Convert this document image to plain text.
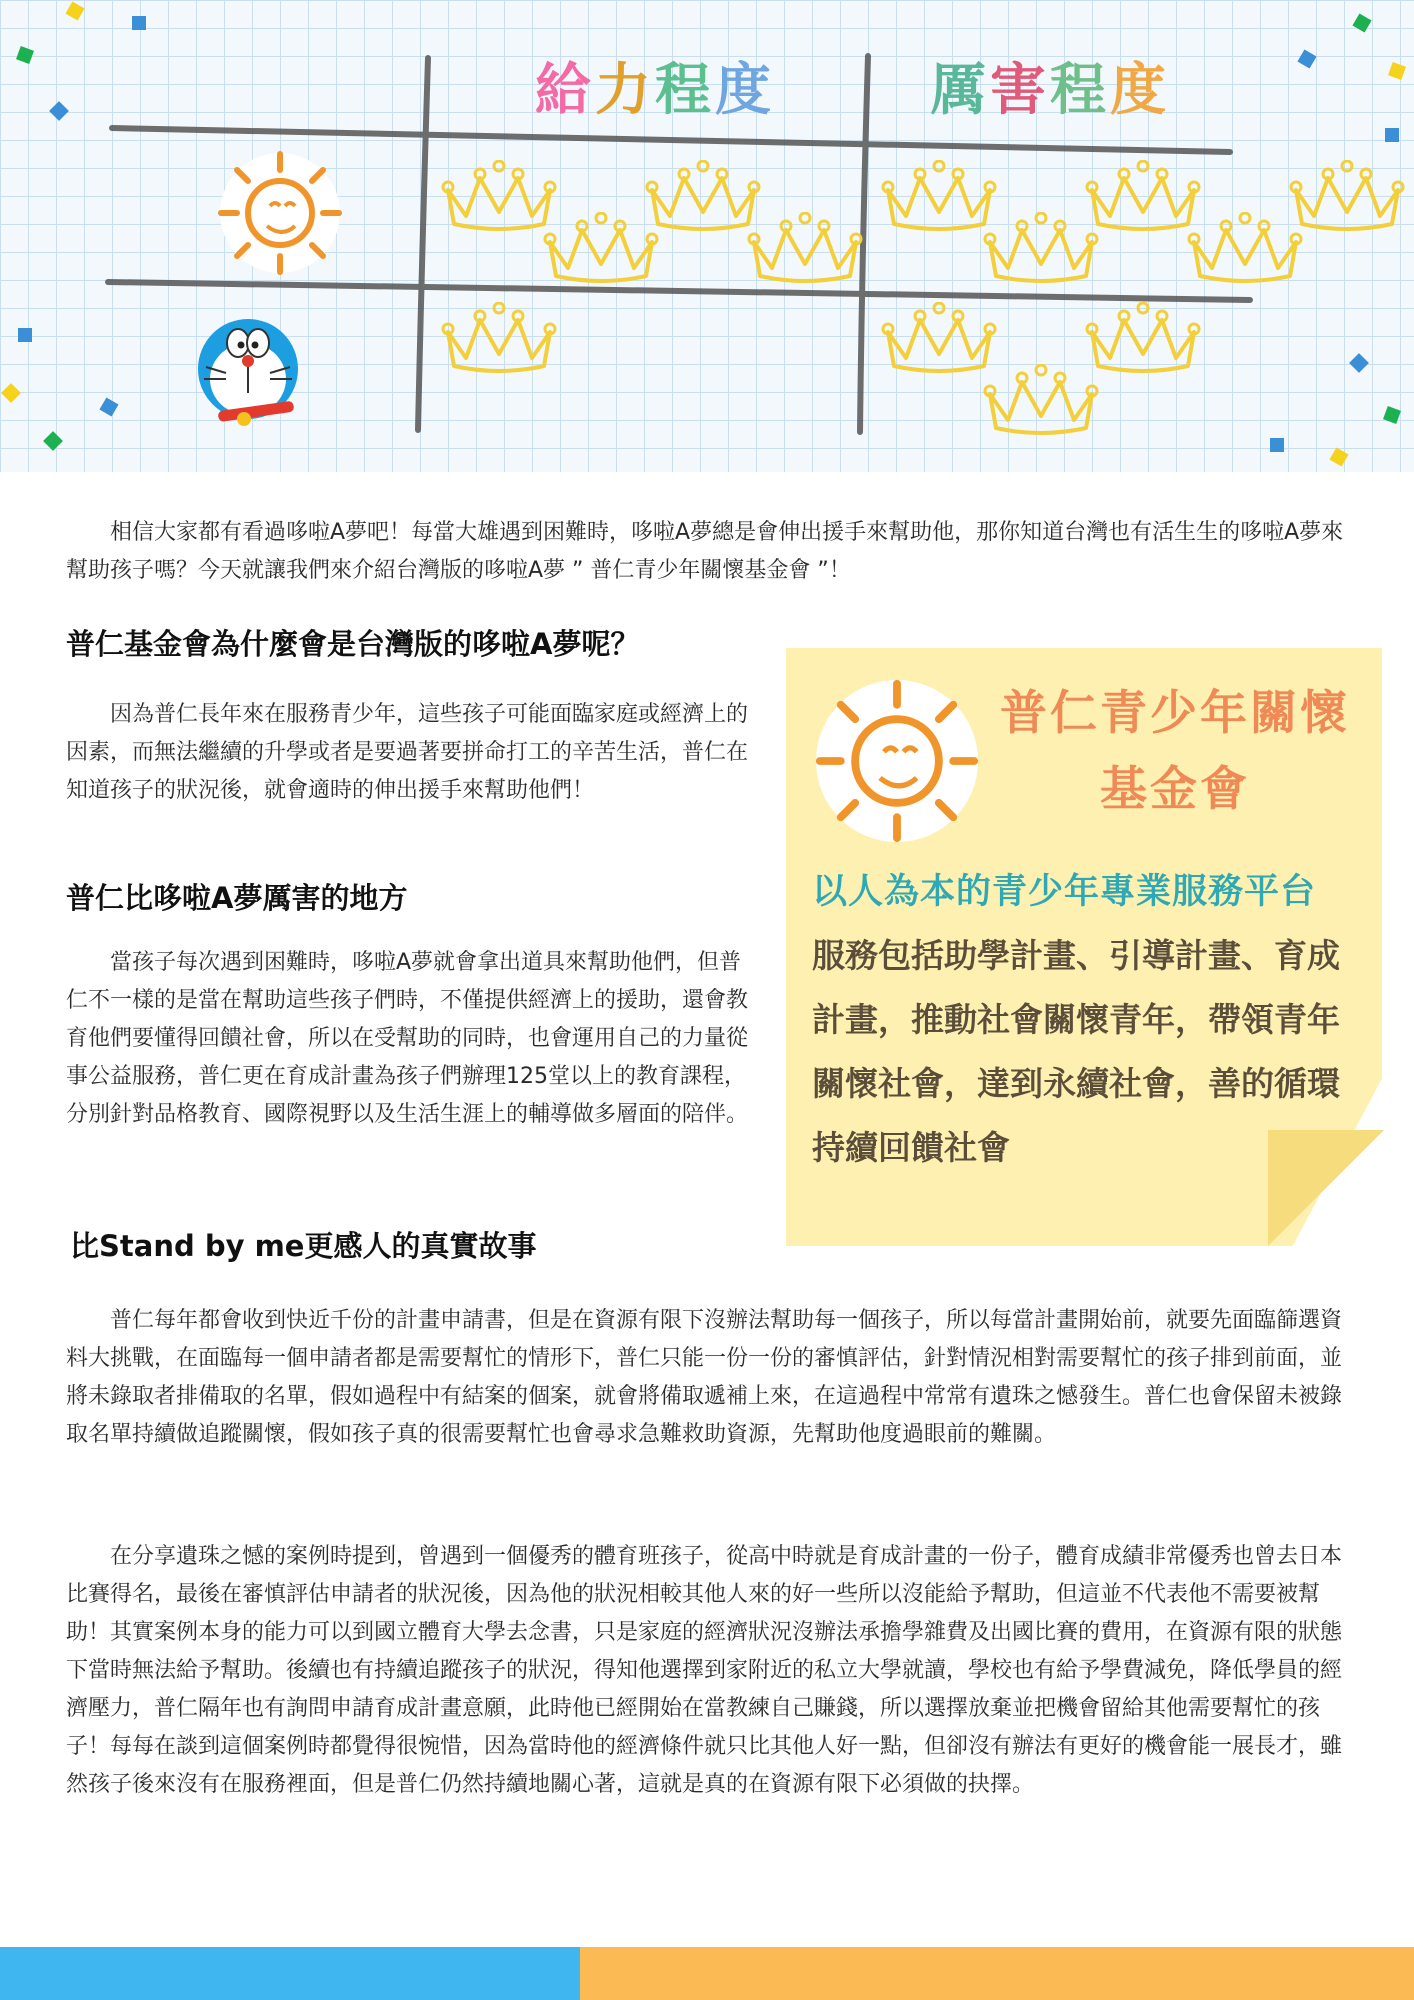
給力程度	厲害程度

相信大家都有看過哆啦A夢吧！每當大雄遇到困難時，哆啦A夢總是會伸出援手來幫助他，那你知道台灣也有活生生的哆啦A夢來幫助孩子嗎？今天就讓我們來介紹台灣版的哆啦A夢 ” 普仁青少年關懷基金會 ”！

普仁基金會為什麼會是台灣版的哆啦A夢呢？

因為普仁長年來在服務青少年，這些孩子可能面臨家庭或經濟上的因素，而無法繼續的升學或者是要過著要拼命打工的辛苦生活，普仁在知道孩子的狀況後，就會適時的伸出援手來幫助他們！

普仁比哆啦A夢厲害的地方

當孩子每次遇到困難時，哆啦A夢就會拿出道具來幫助他們，但普仁不一樣的是當在幫助這些孩子們時，不僅提供經濟上的援助，還會教育他們要懂得回饋社會，所以在受幫助的同時，也會運用自己的力量從事公益服務，普仁更在育成計畫為孩子們辦理125堂以上的教育課程，分別針對品格教育、國際視野以及生活生涯上的輔導做多層面的陪伴。

普仁青少年關懷基金會
以人為本的青少年專業服務平台
服務包括助學計畫、引導計畫、育成計畫，推動社會關懷青年，帶領青年關懷社會，達到永續社會，善的循環持續回饋社會
比Stand by me更感人的真實故事

普仁每年都會收到快近千份的計畫申請書，但是在資源有限下沒辦法幫助每一個孩子，所以每當計畫開始前，就要先面臨篩選資料大挑戰，在面臨每一個申請者都是需要幫忙的情形下，普仁只能一份一份的審慎評估，針對情況相對需要幫忙的孩子排到前面，並將未錄取者排備取的名單，假如過程中有結案的個案，就會將備取遞補上來，在這過程中常常有遺珠之憾發生。普仁也會保留未被錄取名單持續做追蹤關懷，假如孩子真的很需要幫忙也會尋求急難救助資源，先幫助他度過眼前的難關。

在分享遺珠之憾的案例時提到，曾遇到一個優秀的體育班孩子，從高中時就是育成計畫的一份子，體育成績非常優秀也曾去日本比賽得名，最後在審慎評估申請者的狀況後，因為他的狀況相較其他人來的好一些所以沒能給予幫助，但這並不代表他不需要被幫助！其實案例本身的能力可以到國立體育大學去念書，只是家庭的經濟狀況沒辦法承擔學雜費及出國比賽的費用，在資源有限的狀態下當時無法給予幫助。後續也有持續追蹤孩子的狀況，得知他選擇到家附近的私立大學就讀，學校也有給予學費減免，降低學員的經濟壓力，普仁隔年也有詢問申請育成計畫意願，此時他已經開始在當教練自己賺錢，所以選擇放棄並把機會留給其他需要幫忙的孩子！每每在談到這個案例時都覺得很惋惜，因為當時他的經濟條件就只比其他人好一點，但卻沒有辦法有更好的機會能一展長才，雖然孩子後來沒有在服務裡面，但是普仁仍然持續地關心著，這就是真的在資源有限下必須做的抉擇。
